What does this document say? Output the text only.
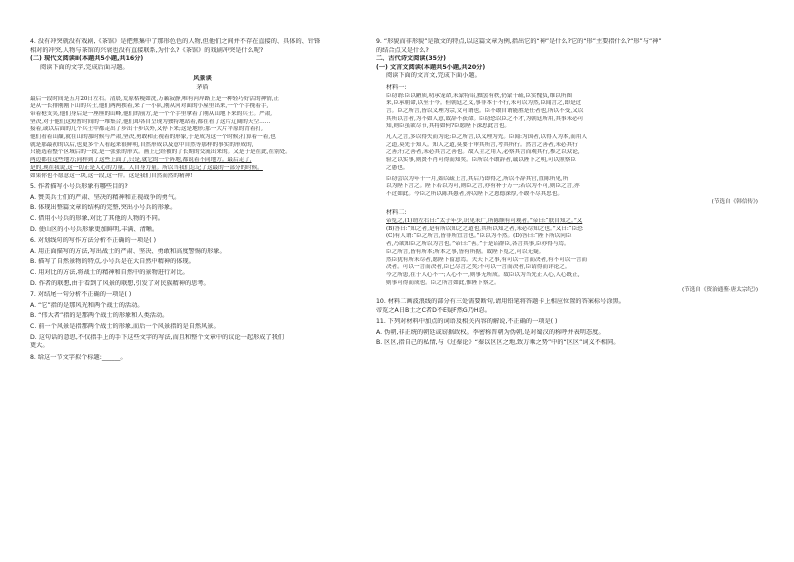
4. 没有冲突就没有戏剧,《茶馆》是把焦集中了那形色色的人物,但他们之间并不存在直接的、具体的、针锋
相对的冲突,人物与茶馆的兴衰也没有直接联系,为什么?《茶馆》的戏剧冲突是什么呢?
(二) 现代文阅读Ⅱ(本题共5小题,共16分)
阅读下面的文字,完成后面习题。
风景谈
茅盾
最后一段时间是五月20日左右。清晨,荒原枯瘦如洗,万籁寂静,唯有河岸路上是一种轻巧好活的神情,正
是从一长排刚刚下山的兵士,他们两两挨着,来了一小队,刚从河对面的小屋里出来,一个个手挽着手,
带着枪支笑,他们身后是一座座的山峰,他们的前方,是一个个手里拿着了刚从山地下来的兵士。严肃,
坚决,对于他们这短暂时间的一堆集合,他们却各自呈现为独特地站着,都在看了这片辽阔的天空……
接着,或以后面的几个兵士中都走出了步出十步以外,又停下来;这是地形;那一大片平原的背着打,
他们看着山巅,就在山的那时候与严肃,坚决,勇敢和正视着的形象,于是成为这一个时候;打算着一着,也
就是那最初的以后,也更多个人看起来很鲜明,自然形成以及意中自然等那样的事实的形成的,
只能选着整个区域后的一段,是一张张的形式。画上已经被的了长期的交流出来的。又是于是在此,在别处。
两边都在这些地方;同样到了这些上面了,只是,就它的一个阵地,都说着不同地方。最后走了,
是的,现在我说,这一切正是人心的力量。人自身力量。所以当我们忘记了这最的一部分的时候。
如果你也不愿意这一块,这一段,这一件。这是我们自然而然的精神!
5. 作者描写小号兵形象有哪些目的?
A. 赞美兵士们的严肃、坚决的精神和正视战争的勇气。
B. 体现出整篇文章的结构的完整,突出小号兵的形象。
C. 借用小号兵的形象,对比了其他的人物的不同。
D. 使山区的小号兵形象更加鲜明,丰满、清晰。
6. 对划线句的写作方法分析不正确的一项是( )
A. 用正面描写的方法,写出战士的严肃、坚决、勇敢和高度警惕的形象。
B. 描写了自然景物的特点,小号兵是在大自然中精神的体现。
C. 用对比的方法,将战士的精神和自然中的景物进行对比。
D. 作者的联想,由于看到了风景的联想,引发了对民族精神的思考。
7. 对结尾一句分析不正确的一项是( )
A. “它”指的是那风光和两个战士的活动。
B. “伟大者”指的是那两个战士的形象和人类活动。
C. 前一个风景是指那两个战士的形象,而后一个风景指的是自然风景。
D. 这句话的意思,不仅指手上的手下这些文字的写法,而且和整个文章中的议论一起形成了我们
更大。
8. 给这一节文字拟个标题:______。
9. “形貌而非形貌”是散文的特点,以这篇文章为例,指出它的“神”是什么?它的“形”主要指什么?“形”与“神”
的结合点又是什么?
二、古代诗文阅读(35分)
(一) 文言文阅读(本题共5小题,共20分)
阅读下面的文言文,完成下面小题。
材料一:
臣窃谓:臣以陋质,叨承宠命,未蒙特诏,黜罢有秩,仍蒙十疏,臣实愧负,维以所图
来,臣承朝命,以至于今。但朝廷之义,事非本于不行,未可以为然,臣闻言之,即是过
言。臣之所言,皆以义理为宗,文可谓也。臣不敢自谓能胜是任者也,所以不受,又以
其所以言者,为不如人意,故辞不获命。臣窃恐以臣之不才,为朝廷所用,其事未必可
知,则臣虽欲尽节,其将如何?臣愿陛下深思此言也。
凡人之言,多以得失而为论;臣之所言,以义理为先。臣闻:为国者,以得人为本,而用人
之道,莫先于知人。知人之道,莫要于审其所言,考其所行。然言之善者,未必其行
之善;行之善者,未必其言之善也。故人主之用人,必察其言而观其行,参之以众论,
验之以实事,则贤不肖可得而知矣。臣所以不敢辞者,诚以陛下之明,可以照察臣
之愚也。
臣窃尝以为年十一月,始以疏上言,其后乃即得之,所以不辞其官,直陈所见,所
以为陛下言之。陛下若以为可,则臣之言,亦有补于万一;若以为不可,则臣之言,亦
不过如此。今臣之所以陈其愚者,亦以陛下之恩德深厚,不敢不尽其忠也。
(节选自《韩信传》)
材料二:
帝览之,(1)谓左右曰:“太子年少,识见未广,所陈颇有可观者。”帝曰:“朕自知之。”又
(B)答曰:“知之者,是有所以知之之道也,其所以知之者,未必尽知之也。”又曰:“臣恐
(C)有人谓:“臣之所言,皆非所宜言也。”臣以为不然。(D)答曰:“陛下所以问臣
者,乃欲知臣之所以为言也。”帝曰:“善。”于是诏群臣,各言其事,臣亦得与焉。
臣之所言,皆有所本;所本之事,皆有所据。故陛下览之,可以无疑。
然臣犹有所未尽者,愿陛下留意焉。夫天下之事,有可以一言而决者,有不可以一言而
决者。可以一言而决者,臣已尽言之矣;不可以一言而决者,臣请得而详论之。
今之所患,在于人心不一;人心不一,则事无所成。故臣以为当先正人心,人心既正,
则事可得而成也。臣之所言如此,惟陛下察之。
(节选自《资治通鉴·唐太宗纪》)
10. 材料二画波浪线的部分有三处需要断句,请用铅笔将答题卡上相应位置的答案标号涂黑。
帝览之A日B士之C者D不E疑F然G乃H忍。
11. 下列对材料中加点的词语及相关内容的解说,不正确的一项是( )
A. 伪朝,非正统的朝廷或窃据政权。李密称晋朝为伪朝,是对蜀汉的称呼并表明态度。
B. 区区,指自己的私情,与《过秦论》“秦以区区之地,致万乘之势”中的“区区”词义不相同。
